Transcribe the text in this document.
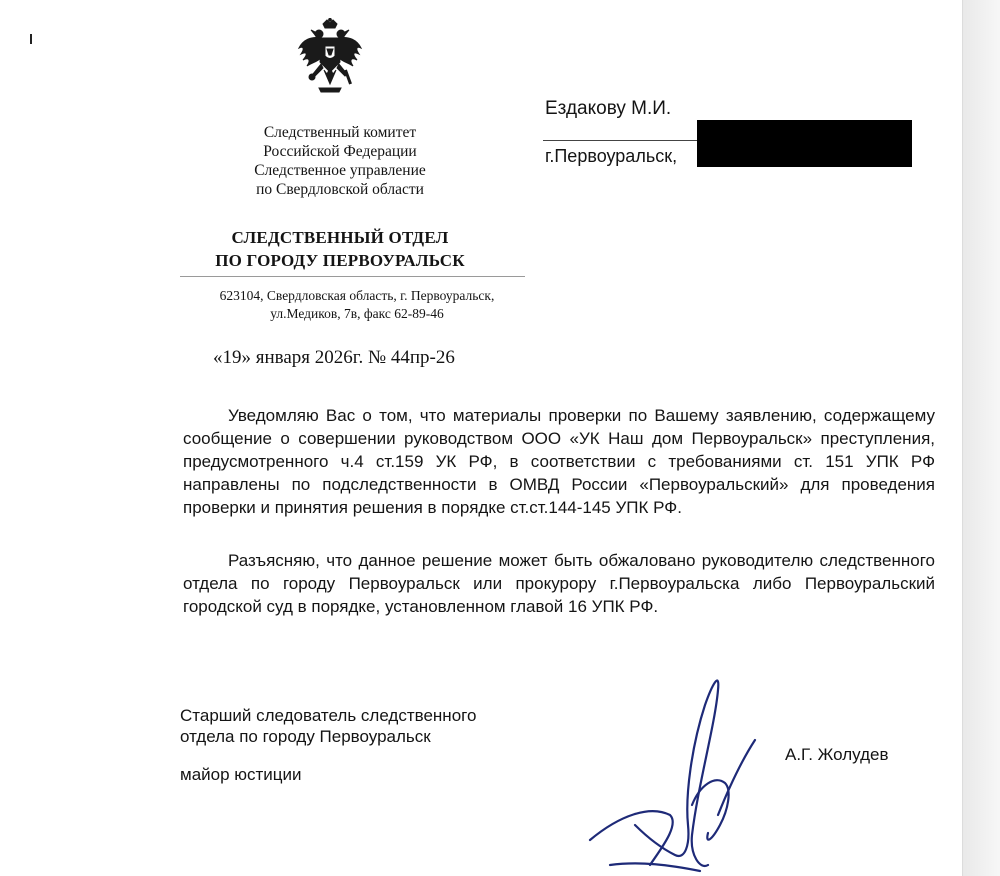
Следственный комитет
Российской Федерации
Следственное управление
по Свердловской области
СЛЕДСТВЕННЫЙ ОТДЕЛ
ПО ГОРОДУ ПЕРВОУРАЛЬСК
623104, Свердловская область, г. Первоуральск,
ул.Медиков, 7в, факс 62-89-46
«19» января 2026г. № 44пр-26
Ездакову М.И.
г.Первоуральск,
Уведомляю Вас о том, что материалы проверки по Вашему заявлению, содержащему сообщение о совершении руководством ООО «УК Наш дом Первоуральск» преступления, предусмотренного ч.4 ст.159 УК РФ, в соответствии с требованиями ст. 151 УПК РФ направлены по подследственности в ОМВД России «Первоуральский» для проведения проверки и принятия решения в порядке ст.ст.144-145 УПК РФ.
Разъясняю, что данное решение может быть обжаловано руководителю следственного отдела по городу Первоуральск или прокурору г.Первоуральска либо Первоуральский городской суд в порядке, установленном главой 16 УПК РФ.
Старший следователь следственного
отдела по городу Первоуральск
майор юстиции
А.Г. Жолудев
